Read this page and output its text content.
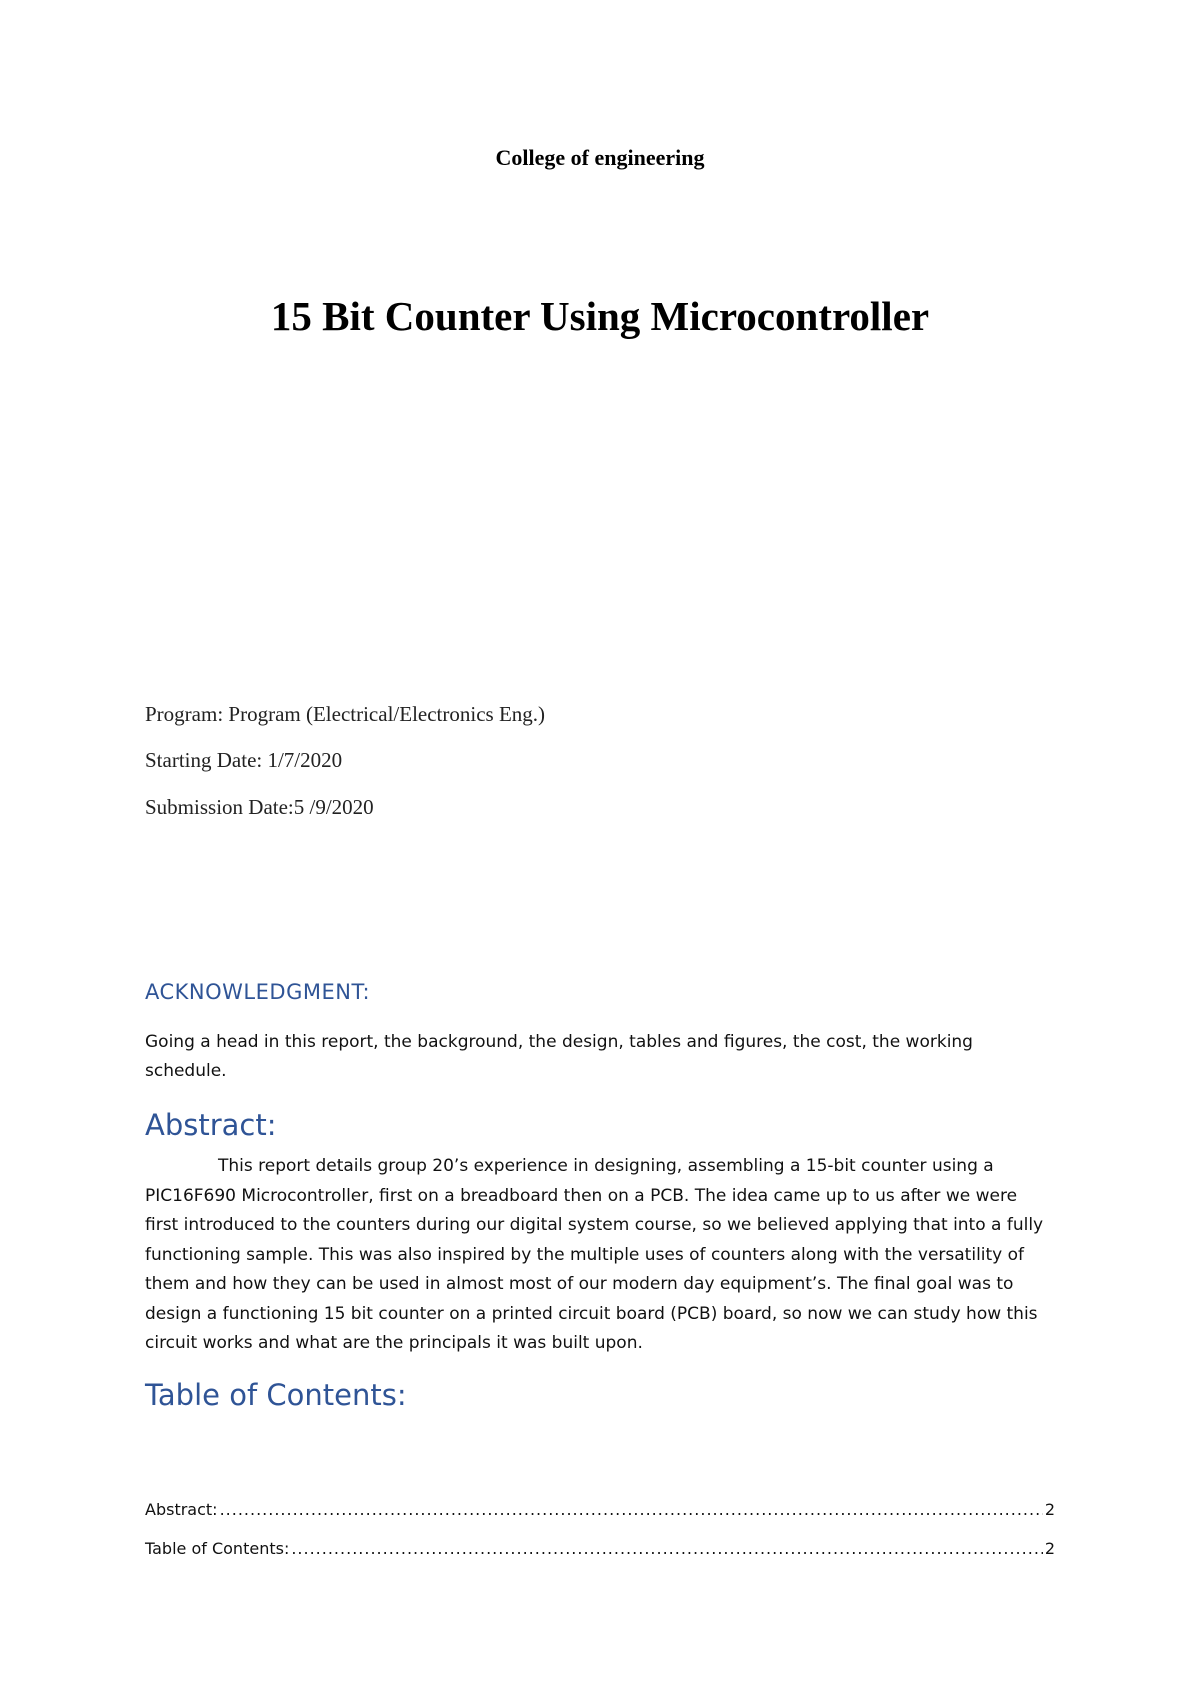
College of engineering
15 Bit Counter Using Microcontroller
Program: Program (Electrical/Electronics Eng.)
Starting Date: 1/7/2020
Submission Date:5 /9/2020
ACKNOWLEDGMENT:
Going a head in this report, the background, the design, tables and figures, the cost, the working schedule.
Abstract:
This report details group 20’s experience in designing, assembling a 15-bit counter using a PIC16F690 Microcontroller, first on a breadboard then on a PCB. The idea came up to us after we were first introduced to the counters during our digital system course, so we believed applying that into a fully functioning sample. This was also inspired by the multiple uses of counters along with the versatility of them and how they can be used in almost most of our modern day equipment’s. The final goal was to design a functioning 15 bit counter on a printed circuit board (PCB) board, so now we can study how this circuit works and what are the principals it was built upon.
Table of Contents:
Abstract: .....	2
Table of Contents: .....	2
